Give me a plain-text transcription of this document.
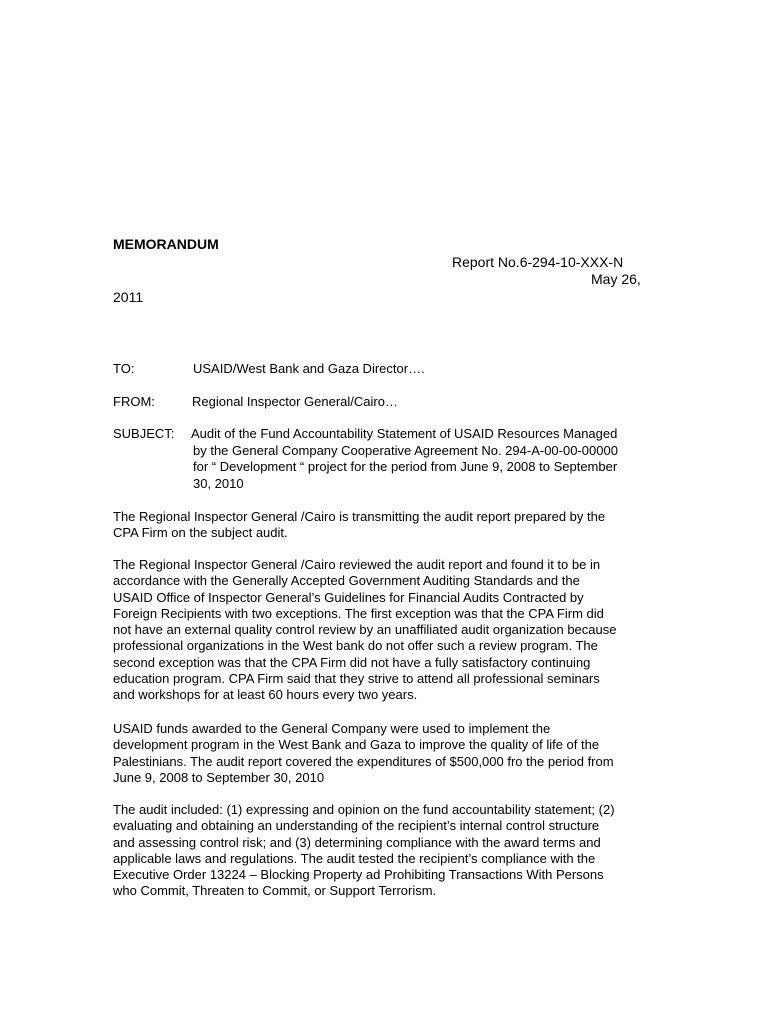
MEMORANDUM

Report No.6-294-10-XXX-N

May 26,

2011

TO:	USAID/West Bank and Gaza Director….
FROM:	Regional Inspector General/Cairo…
SUBJECT: Audit of the Fund Accountability Statement of USAID Resources Managed
by the General Company Cooperative Agreement No. 294-A-00-00-00000
for “ Development “ project for the period from June 9, 2008 to September
30, 2010

The Regional Inspector General /Cairo is transmitting the audit report prepared by the
CPA Firm on the subject audit.

The Regional Inspector General /Cairo reviewed the audit report and found it to be in
accordance with the Generally Accepted Government Auditing Standards and the
USAID Office of Inspector General’s Guidelines for Financial Audits Contracted by
Foreign Recipients with two exceptions. The first exception was that the CPA Firm did
not have an external quality control review by an unaffiliated audit organization because
professional organizations in the West bank do not offer such a review program. The
second exception was that the CPA Firm did not have a fully satisfactory continuing
education program. CPA Firm said that they strive to attend all professional seminars
and workshops for at least 60 hours every two years.

USAID funds awarded to the General Company were used to implement the
development program in the West Bank and Gaza to improve the quality of life of the
Palestinians. The audit report covered the expenditures of $500,000 fro the period from
June 9, 2008 to September 30, 2010

The audit included: (1) expressing and opinion on the fund accountability statement; (2)
evaluating and obtaining an understanding of the recipient’s internal control structure
and assessing control risk; and (3) determining compliance with the award terms and
applicable laws and regulations. The audit tested the recipient’s compliance with the
Executive Order 13224 – Blocking Property ad Prohibiting Transactions With Persons
who Commit, Threaten to Commit, or Support Terrorism.
